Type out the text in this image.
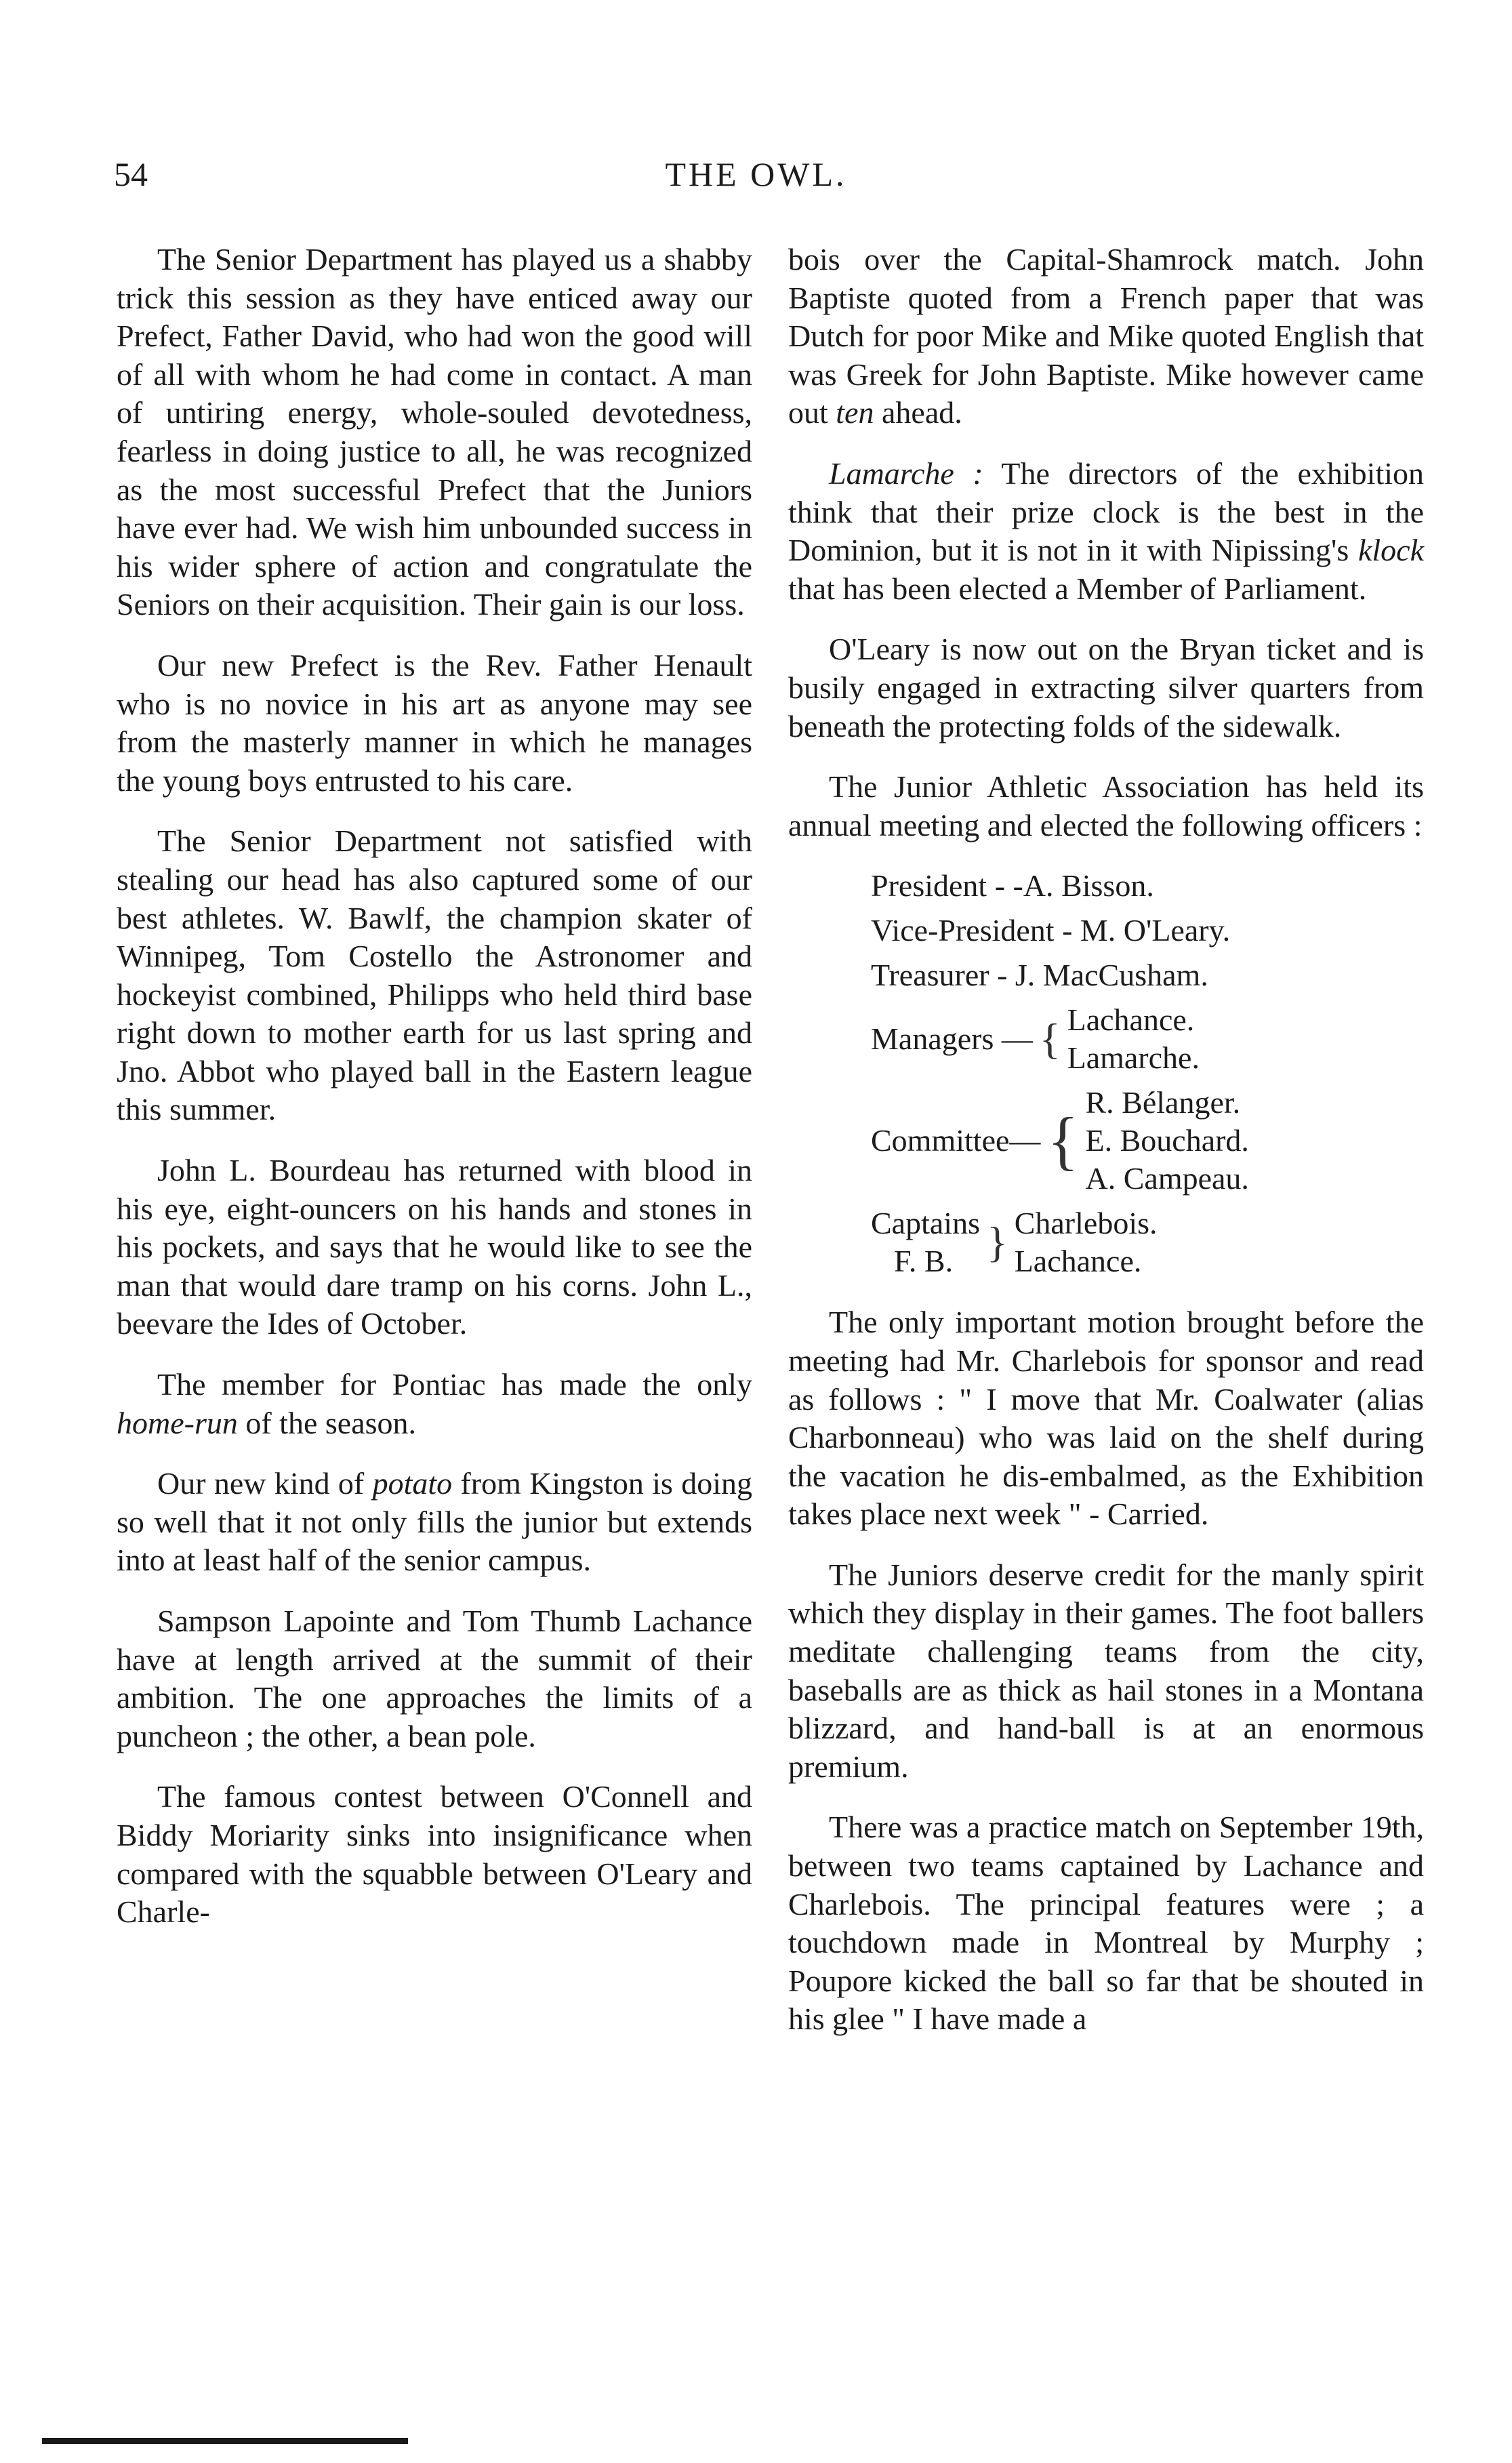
54	THE OWL.

The Senior Department has played us a shabby trick this session as they have enticed away our Prefect, Father David, who had won the good will of all with whom he had come in contact. A man of untiring energy, whole-souled devotedness, fearless in doing justice to all, he was recognized as the most successful Prefect that the Juniors have ever had. We wish him unbounded success in his wider sphere of action and congratulate the Seniors on their acquisition. Their gain is our loss.

Our new Prefect is the Rev. Father Henault who is no novice in his art as anyone may see from the masterly manner in which he manages the young boys entrusted to his care.

The Senior Department not satisfied with stealing our head has also captured some of our best athletes. W. Bawlf, the champion skater of Winnipeg, Tom Costello the Astronomer and hockeyist combined, Philipps who held third base right down to mother earth for us last spring and Jno. Abbot who played ball in the Eastern league this summer.

John L. Bourdeau has returned with blood in his eye, eight-ouncers on his hands and stones in his pockets, and says that he would like to see the man that would dare tramp on his corns. John L., beevare the Ides of October.

The member for Pontiac has made the only home-run of the season.

Our new kind of potato from Kingston is doing so well that it not only fills the junior but extends into at least half of the senior campus.

Sampson Lapointe and Tom Thumb Lachance have at length arrived at the summit of their ambition. The one approaches the limits of a puncheon ; the other, a bean pole.

The famous contest between O'Connell and Biddy Moriarity sinks into insignificance when compared with the squabble between O'Leary and Charle-

bois over the Capital-Shamrock match. John Baptiste quoted from a French paper that was Dutch for poor Mike and Mike quoted English that was Greek for John Baptiste. Mike however came out ten ahead.

Lamarche : The directors of the exhibition think that their prize clock is the best in the Dominion, but it is not in it with Nipissing's klock that has been elected a Member of Parliament.

O'Leary is now out on the Bryan ticket and is busily engaged in extracting silver quarters from beneath the protecting folds of the sidewalk.

The Junior Athletic Association has held its annual meeting and elected the following officers :

President - -A. Bisson.
Vice-President - M. O'Leary.
Treasurer - J. MacCusham.
Managers — { Lachance.
Lamarche.
Committee— {
R. Bélanger.
E. Bouchard.
A. Campeau.
Captains
F. B. } Charlebois.
Lachance.

The only important motion brought before the meeting had Mr. Charlebois for sponsor and read as follows : " I move that Mr. Coalwater (alias Charbonneau) who was laid on the shelf during the vacation he dis-embalmed, as the Exhibition takes place next week " - Carried.

The Juniors deserve credit for the manly spirit which they display in their games. The foot ballers meditate challenging teams from the city, baseballs are as thick as hail stones in a Montana blizzard, and hand-ball is at an enormous premium.

There was a practice match on September 19th, between two teams captained by Lachance and Charlebois. The principal features were ; a touchdown made in Montreal by Murphy ; Poupore kicked the ball so far that be shouted in his glee " I have made a
